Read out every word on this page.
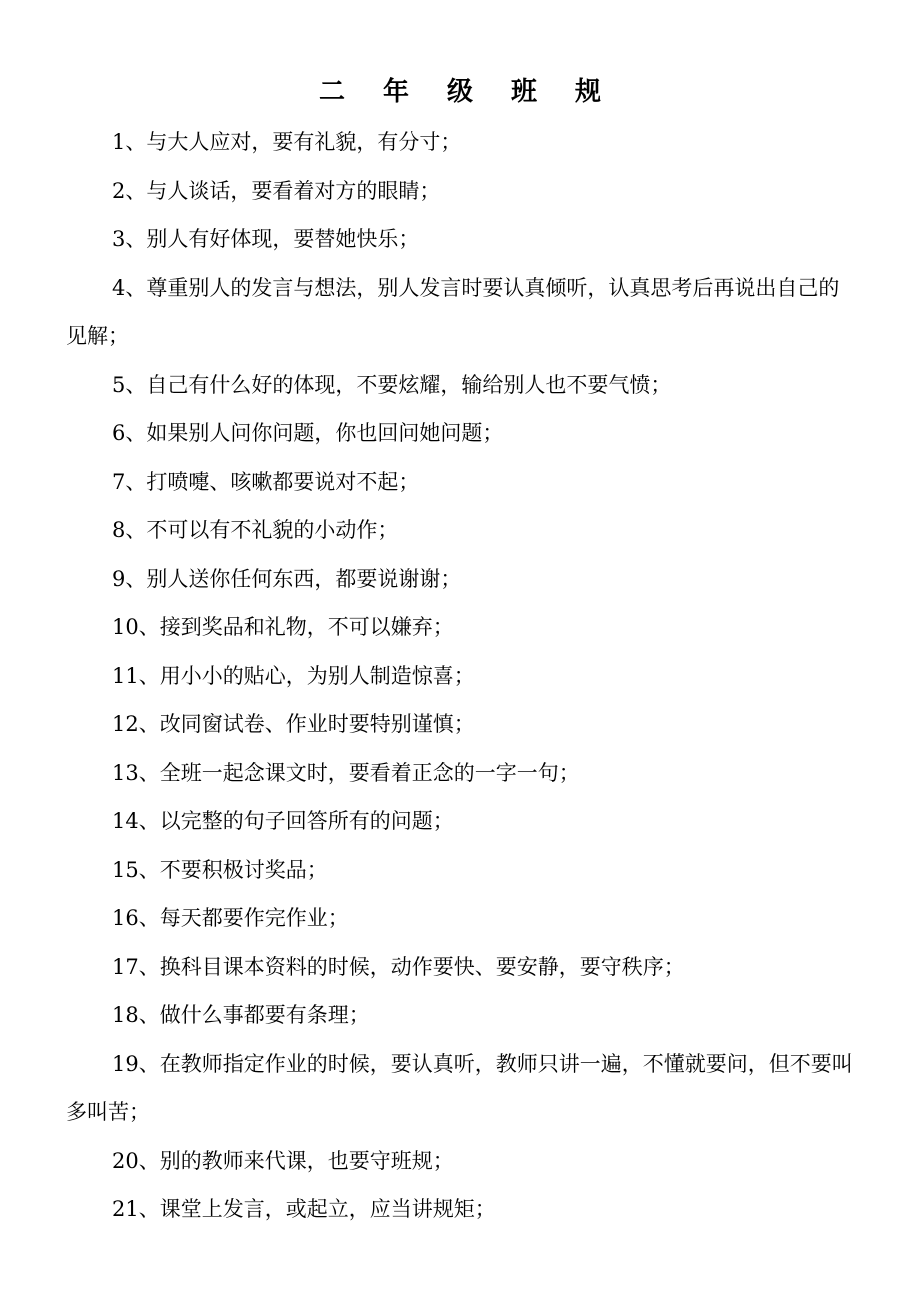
二年级班规
1、与大人应对，要有礼貌，有分寸；
2、与人谈话，要看着对方的眼睛；
3、别人有好体现，要替她快乐；
4、尊重别人的发言与想法，别人发言时要认真倾听，认真思考后再说出自己的见解；
5、自己有什么好的体现，不要炫耀，输给别人也不要气愤；
6、如果别人问你问题，你也回问她问题；
7、打喷嚏、咳嗽都要说对不起；
8、不可以有不礼貌的小动作；
9、别人送你任何东西，都要说谢谢；
10、接到奖品和礼物，不可以嫌弃；
11、用小小的贴心，为别人制造惊喜；
12、改同窗试卷、作业时要特别谨慎；
13、全班一起念课文时，要看着正念的一字一句；
14、以完整的句子回答所有的问题；
15、不要积极讨奖品；
16、每天都要作完作业；
17、换科目课本资料的时候，动作要快、要安静，要守秩序；
18、做什么事都要有条理；
19、在教师指定作业的时候，要认真听，教师只讲一遍，不懂就要问，但不要叫多叫苦；
20、别的教师来代课，也要守班规；
21、课堂上发言，或起立，应当讲规矩；
